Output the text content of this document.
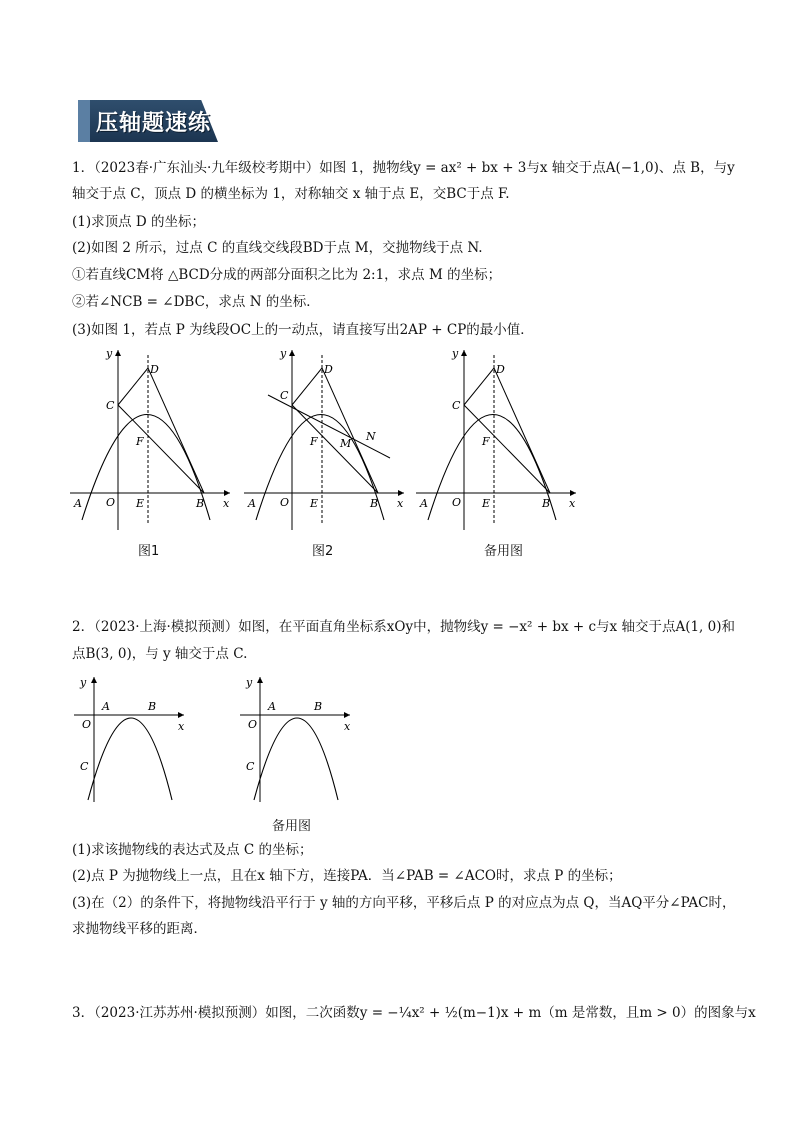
压轴题速练
1．（2023春·广东汕头·九年级校考期中）如图 1，抛物线y = ax² + bx + 3与x 轴交于点A(−1,0)、点 B，与y
轴交于点 C，顶点 D 的横坐标为 1，对称轴交 x 轴于点 E，交BC于点 F.
(1)求顶点 D 的坐标；
(2)如图 2 所示，过点 C 的直线交线段BD于点 M，交抛物线于点 N.
①若直线CM将 △BCD分成的两部分面积之比为 2:1，求点 M 的坐标；
②若∠NCB = ∠DBC，求点 N 的坐标．
(3)如图 1，若点 P 为线段OC上的一动点，请直接写出2AP + CP的最小值．
y
x
O
A	B
C
D
E
F
图1
y
x
O
A	B
C
D
E
F M
N
图2
y
x
O
A	B
C
D
E
F
备用图
2．（2023·上海·模拟预测）如图，在平面直角坐标系xOy中，抛物线y = −x² + bx + c与x 轴交于点A(1, 0)和
点B(3, 0)，与 y 轴交于点 C.
y
x
O
A	B
C
y
x
O
A	B
C
备用图
(1)求该抛物线的表达式及点 C 的坐标；
(2)点 P 为抛物线上一点，且在x 轴下方，连接PA．当∠PAB = ∠ACO时，求点 P 的坐标；
(3)在（2）的条件下，将抛物线沿平行于 y 轴的方向平移，平移后点 P 的对应点为点 Q，当AQ平分∠PAC时，
求抛物线平移的距离．
3．（2023·江苏苏州·模拟预测）如图，二次函数y = −¼x² + ½(m−1)x + m（m 是常数，且m > 0）的图象与x
